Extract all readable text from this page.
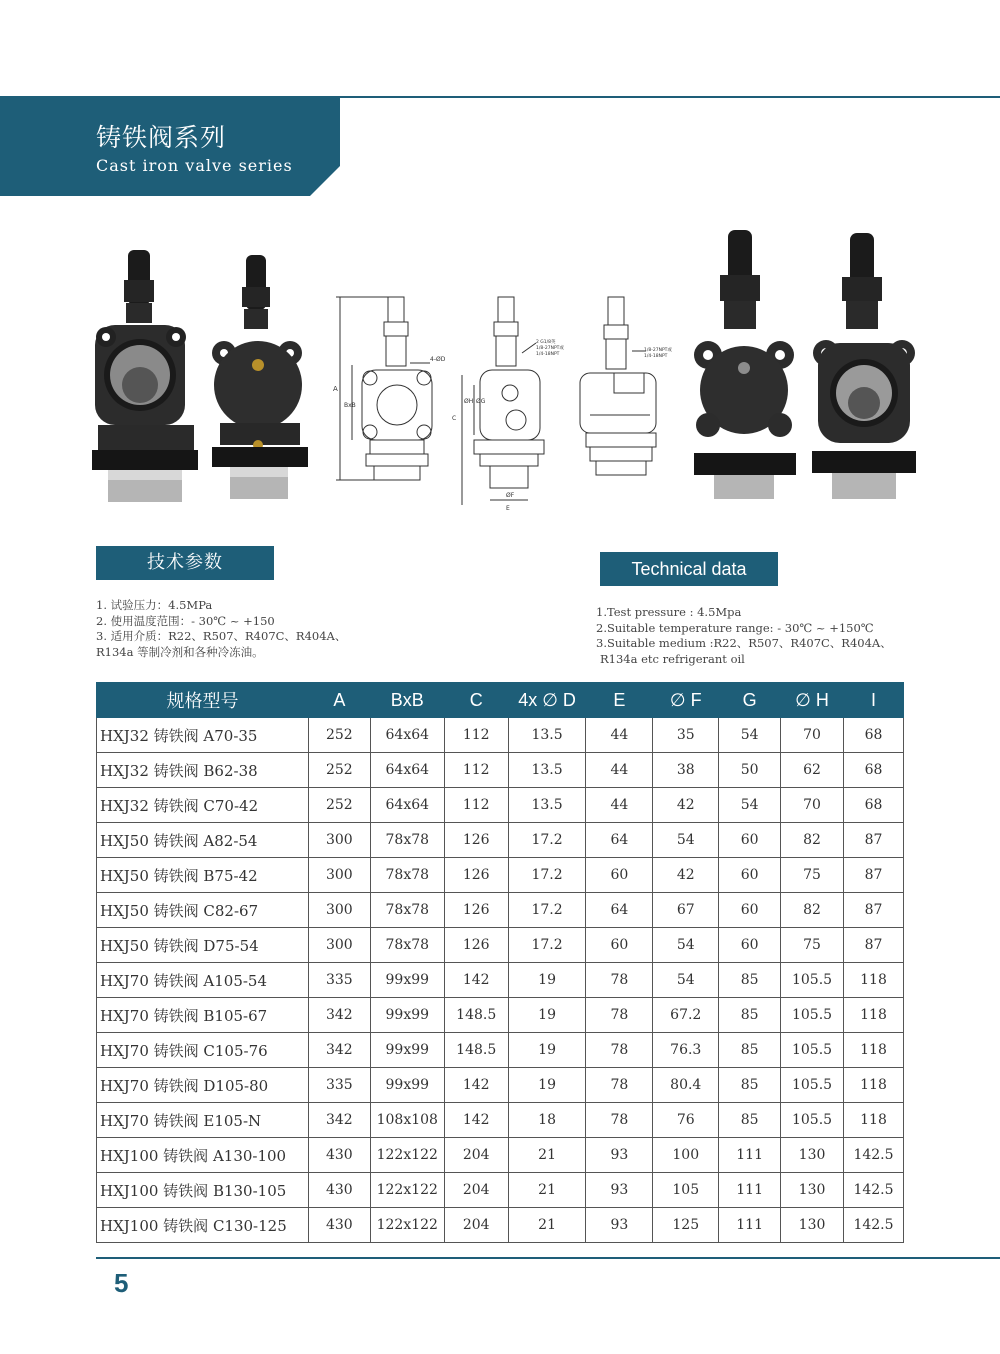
铸铁阀系列
Cast iron valve series
A
BxB
4-ØD
C
ØH ØG
ØF
E
2 G1/8英
1/8-27NPT或
1/4-18NPT
1/8-27NPT或
1/4-18NPT
技术参数	Technical data
1. 试验压力：4.5MPa
2. 使用温度范围：- 30℃ ~ +150
3. 适用介质：R22、R507、R407C、R404A、
R134a 等制冷剂和各种冷冻油。
1.Test pressure : 4.5Mpa
2.Suitable temperature range: - 30℃ ~ +150℃
3.Suitable medium :R22、R507、R407C、R404A、
R134a etc refrigerant oil
规格型号	A	BxB	C	4x ∅ D	E	∅ F	G	∅ H	I
HXJ32 铸铁阀 A70-35	252	64x64	112	13.5	44	35	54	70	68
HXJ32 铸铁阀 B62-38	252	64x64	112	13.5	44	38	50	62	68
HXJ32 铸铁阀 C70-42	252	64x64	112	13.5	44	42	54	70	68
HXJ50 铸铁阀 A82-54	300	78x78	126	17.2	64	54	60	82	87
HXJ50 铸铁阀 B75-42	300	78x78	126	17.2	60	42	60	75	87
HXJ50 铸铁阀 C82-67	300	78x78	126	17.2	64	67	60	82	87
HXJ50 铸铁阀 D75-54	300	78x78	126	17.2	60	54	60	75	87
HXJ70 铸铁阀 A105-54	335	99x99	142	19	78	54	85	105.5	118
HXJ70 铸铁阀 B105-67	342	99x99	148.5	19	78	67.2	85	105.5	118
HXJ70 铸铁阀 C105-76	342	99x99	148.5	19	78	76.3	85	105.5	118
HXJ70 铸铁阀 D105-80	335	99x99	142	19	78	80.4	85	105.5	118
HXJ70 铸铁阀 E105-N	342	108x108	142	18	78	76	85	105.5	118
HXJ100 铸铁阀 A130-100	430	122x122	204	21	93	100	111	130	142.5
HXJ100 铸铁阀 B130-105	430	122x122	204	21	93	105	111	130	142.5
HXJ100 铸铁阀 C130-125	430	122x122	204	21	93	125	111	130	142.5
5
